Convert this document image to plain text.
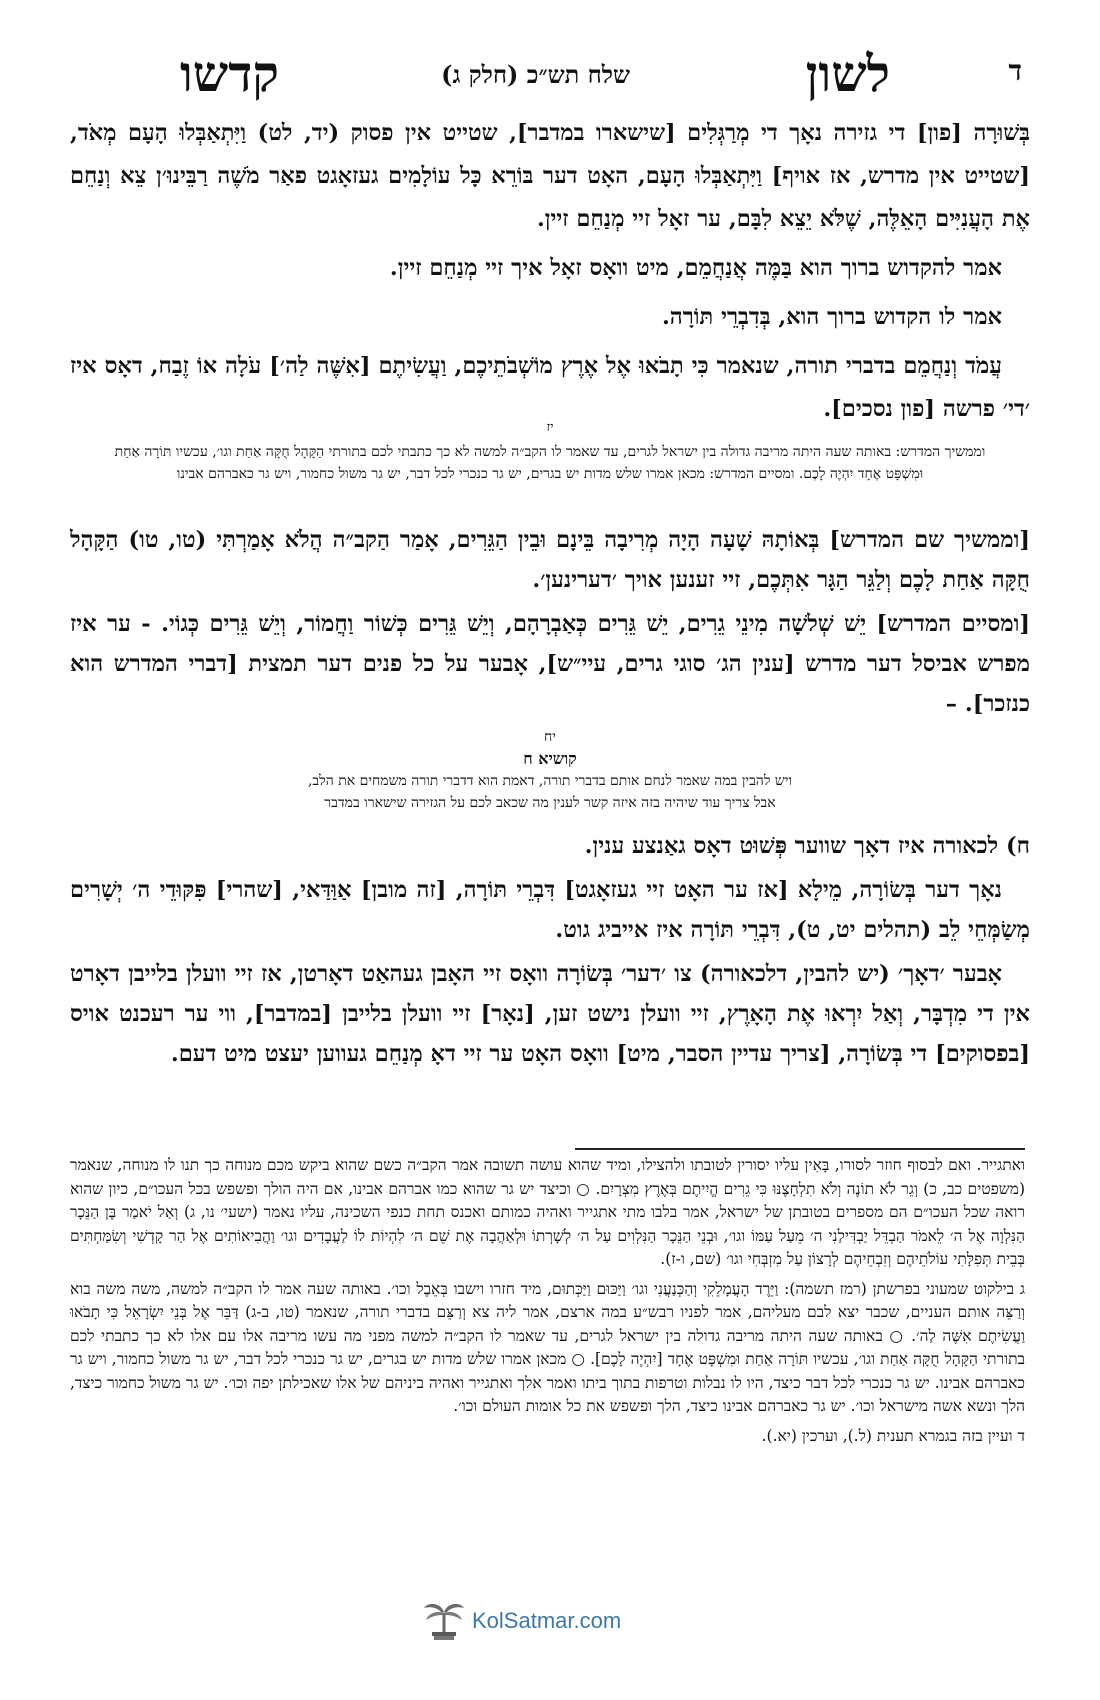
ד
לשון
שלח תש״כ (חלק ג)
קדשו

בְּשׁוּרָה [פון] די גזירה נאָך די מְרַגְּלִים [שישארו במדבר], שטייט אין פסוק (יד, לט) וַיִּתְאַבְּלוּ הָעָם מְאֹד, [שטייט אין מדרש, אז אויף] וַיִּתְאַבְּלוּ הָעָם, האָט דער בּוֹרֵא כָּל עוֹלָמִים געזאָגט פאַר מֹשֶׁה רַבֵּינוּ׳ן צֵא וְנַחֵם אֶת הָעֲנִיִּים הָאֵלֶּה, שֶׁלֹּא יֵצֵא לִבָּם, ער זאָל זיי מְנַחֵם זיין.

אמר להקדוש ברוך הוא בַּמֶּה אֲנַחֲמֵם, מיט וואָס זאָל איך זיי מְנַחֵם זיין.

אמר לו הקדוש ברוך הוא, בְּדִבְרֵי תּוֹרָה.

עֲמֹד וְנַחֲמֵם בדברי תורה, שנאמר כִּי תָבֹאוּ אֶל אֶרֶץ מוֹשְׁבֹתֵיכֶם, וַעֲשִׂיתֶם [אִשֶּׁה לַה׳] עֹלָה אוֹ זֶבַח, דאָס איז ׳די׳ פרשה [פון נסכים].

יז
וממשיך המדרש: באותה שעה היתה מריבה גדולה בין ישראל לגרים, עד שאמר לו הקב״ה למשה לא כך כתבתי לכם בתורתי הַקָּהָל חֻקָּה אַחַת וגו׳, עכשיו תּוֹרָה אַחַת וּמִשְׁפָּט אֶחָד יִהְיֶה לָכֶם. ומסיים המדרש: מכאן אמרו שלש מדות יש בגרים, יש גר כנכרי לכל דבר, יש גר משול כחמור, ויש גר כאברהם אבינו

[וממשיך שם המדרש] בְּאוֹתָהּ שָׁעָה הָיָה מְרִיבָה בֵּינָם וּבֵין הַגֵּרִים, אָמַר הַקב״ה הֲלֹא אָמַרְתִּי (טו, טו) הַקָּהָל חֻקָּה אַחַת לָכֶם וְלַגֵּר הַגָּר אִתְּכֶם, זיי זענען אויך ׳דערינען׳.

[ומסיים המדרש] יֵשׁ שְׁלשָׁה מִינֵי גֵרִים, יֵשׁ גֵּרִים כְּאַבְרָהָם, וְיֵשׁ גֵּרִים כְּשׁוֹר וַחֲמוֹר, וְיֵשׁ גֵּרִים כְּגוֹי. - ער איז מפרש אביסל דער מדרש [ענין הג׳ סוגי גרים, עיי״ש], אָבער על כל פנים דער תמצית [דברי המדרש הוא כנזכר]. –

יח
קושיא ח
ויש להבין במה שאמר לנחם אותם בדברי תורה, דאמת הוא דדברי תורה משמחים את הלב,
אבל צריך עוד שיהיה בזה איזה קשר לענין מה שכאב לכם על הגזירה שישארו במדבר

ח) לכאורה איז דאָך שווער פְּשׁוּט דאָס גאַנצע ענין.

נאָך דער בְּשׂוֹרָה, מֵילָא [אז ער האָט זיי געזאָגט] דִּבְרֵי תּוֹרָה, [זה מובן] אַוַּדַּאי, [שהרי] פִּקּוּדֵי ה׳ יְשָׁרִים מְשַׂמְּחֵי לֵב (תהלים יט, ט), דִּבְרֵי תּוֹרָה איז אייביג גוט.

אָבער ׳דאָך׳ (יש להבין, דלכאורה) צו ׳דער׳ בְּשׂוֹרָה וואָס זיי האָבן געהאַט דאָרטן, אז זיי וועלן בלייבן דאָרט אין די מִדְבָּר, וְאַל יִרְאוּ אֶת הָאָרֶץ, זיי וועלן נישט זען, [נאָר] זיי וועלן בלייבן [במדבר], ווי ער רעכנט אויס [בפסוקים] די בְּשׂוֹרָה, [צריך עדיין הסבר, מיט] וואָס האָט ער זיי דאָ מְנַחֵם געווען יעצט מיט דעם.

ואתגייר. ואם לבסוף חוזר לסורו, בָּאִין עליו יסורין לטובתו ולהצילו, ומיד שהוא עושה תשובה אמר הקב״ה כשם שהוא ביקש מכם מנוחה כך תנו לו מנוחה, שנאמר (משפטים כב, כ) וְגֵר לֹא תוֹנֶה וְלֹא תִלְחָצֶנּוּ כִּי גֵרִים הֱיִיתֶם בְּאֶרֶץ מִצְרָיִם. ○ וכיצד יש גר שהוא כמו אברהם אבינו, אם היה הולך ופשפש בכל העכו״ם, כיון שהוא רואה שכל העכו״ם הם מספרים בטובתן של ישראל, אמר בלבו מתי אתגייר ואהיה כמותם ואכנס תחת כנפי השכינה, עליו נאמר (ישעי׳ נו, ג) וְאַל יֹאמַר בֶּן הַנֵּכָר הַנִּלְוָה אֶל ה׳ לֵאמֹר הַבְדֵּל יַבְדִּילַנִי ה׳ מֵעַל עַמּוֹ וגו׳, וּבְנֵי הַנֵּכָר הַנִּלְוִים עַל ה׳ לְשָׁרְתוֹ וּלְאַהֲבָה אֶת שֵׁם ה׳ לִהְיוֹת לוֹ לַעֲבָדִים וגו׳ וַהֲבִיאוֹתִים אֶל הַר קָדְשִׁי וְשִׂמַּחְתִּים בְּבֵית תְּפִלָּתִי עוֹלֹתֵיהֶם וְזִבְחֵיהֶם לְרָצוֹן עַל מִזְבְּחִי וגו׳ (שם, ו-ז).

ג בילקוט שמעוני בפרשתן (רמז תשמה): וַיֵּרֶד הָעֲמָלֵקִי וְהַכְּנַעֲנִי וגו׳ וַיַּכּוּם וַיַּכְּתוּם, מיד חזרו וישבו בְּאֵבֶל וכו׳. באותה שעה אמר לו הקב״ה למשה, משה משה בוא וְרַצֵּה אותם העניים, שכבר יצא לבם מעליהם, אמר לפניו רבש״ע במה ארצם, אמר ליה צא וְרַצֵּם בדברי תורה, שנאמר (טו, ב-ג) דַּבֵּר אֶל בְּנֵי יִשְׂרָאֵל כִּי תָבֹאוּ וַעֲשִׂיתֶם אִשֶּׁה לַה׳. ○ באותה שעה היתה מריבה גדולה בין ישראל לגרים, עד שאמר לו הקב״ה למשה מפני מה עשו מריבה אלו עם אלו לא כך כתבתי לכם בתורתי הַקָּהָל חֻקָּה אַחַת וגו׳, עכשיו תּוֹרָה אַחַת וּמִשְׁפָּט אֶחָד [יִהְיֶה לָכֶם]. ○ מכאן אמרו שלש מדות יש בגרים, יש גר כנכרי לכל דבר, יש גר משול כחמור, ויש גר כאברהם אבינו. יש גר כנכרי לכל דבר כיצד, היו לו נבלות וטרפות בתוך ביתו ואמר אלך ואתגייר ואהיה ביניהם של אלו שאכילתן יפה וכו׳. יש גר משול כחמור כיצד, הלך ונשא אשה מישראל וכו׳. יש גר כאברהם אבינו כיצד, הלך ופשפש את כל אומות העולם וכו׳.

ד ועיין בזה בגמרא תענית (ל.), וערכין (יא.).

KolSatmar.com
